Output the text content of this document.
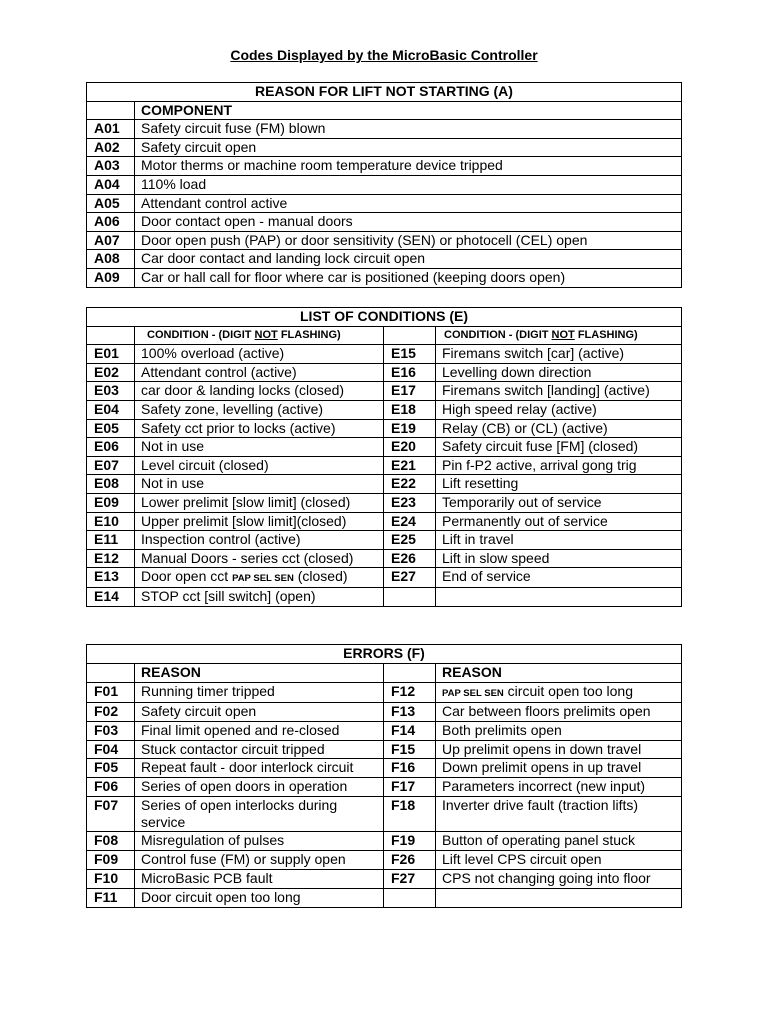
Codes Displayed by the MicroBasic Controller
REASON FOR LIFT NOT STARTING (A)	
	COMPONENT
A01	Safety circuit fuse (FM) blown
A02	Safety circuit open
A03	Motor therms or machine room temperature device tripped
A04	110% load
A05	Attendant control active
A06	Door contact open - manual doors
A07	Door open push (PAP) or door sensitivity (SEN) or photocell (CEL) open
A08	Car door contact and landing lock circuit open
A09	Car or hall call for floor where car is positioned (keeping doors open)
LIST OF CONDITIONS (E)			
	CONDITION - (DIGIT NOT FLASHING)		CONDITION - (DIGIT NOT FLASHING)
E01	100% overload (active)	E15	Firemans switch [car] (active)
E02	Attendant control (active)	E16	Levelling down direction
E03	car door & landing locks (closed)	E17	Firemans switch [landing] (active)
E04	Safety zone, levelling (active)	E18	High speed relay (active)
E05	Safety cct prior to locks (active)	E19	Relay (CB) or (CL) (active)
E06	Not in use	E20	Safety circuit fuse [FM] (closed)
E07	Level circuit (closed)	E21	Pin f-P2 active, arrival gong trig
E08	Not in use	E22	Lift resetting
E09	Lower prelimit [slow limit] (closed)	E23	Temporarily out of service
E10	Upper prelimit [slow limit](closed)	E24	Permanently out of service
E11	Inspection control (active)	E25	Lift in travel
E12	Manual Doors - series cct (closed)	E26	Lift in slow speed
E13	Door open cct PAP SEL SEN (closed)	E27	End of service
E14	STOP cct [sill switch] (open)		
ERRORS (F)			
	REASON		REASON
F01	Running timer tripped	F12	PAP SEL SEN circuit open too long
F02	Safety circuit open	F13	Car between floors prelimits open
F03	Final limit opened and re-closed	F14	Both prelimits open
F04	Stuck contactor circuit tripped	F15	Up prelimit opens in down travel
F05	Repeat fault - door interlock circuit	F16	Down prelimit opens in up travel
F06	Series of open doors in operation	F17	Parameters incorrect (new input)
F07	Series of open interlocks during service	F18	Inverter drive fault (traction lifts)
F08	Misregulation of pulses	F19	Button of operating panel stuck
F09	Control fuse (FM) or supply open	F26	Lift level CPS circuit open
F10	MicroBasic PCB fault	F27	CPS not changing going into floor
F11	Door circuit open too long		
